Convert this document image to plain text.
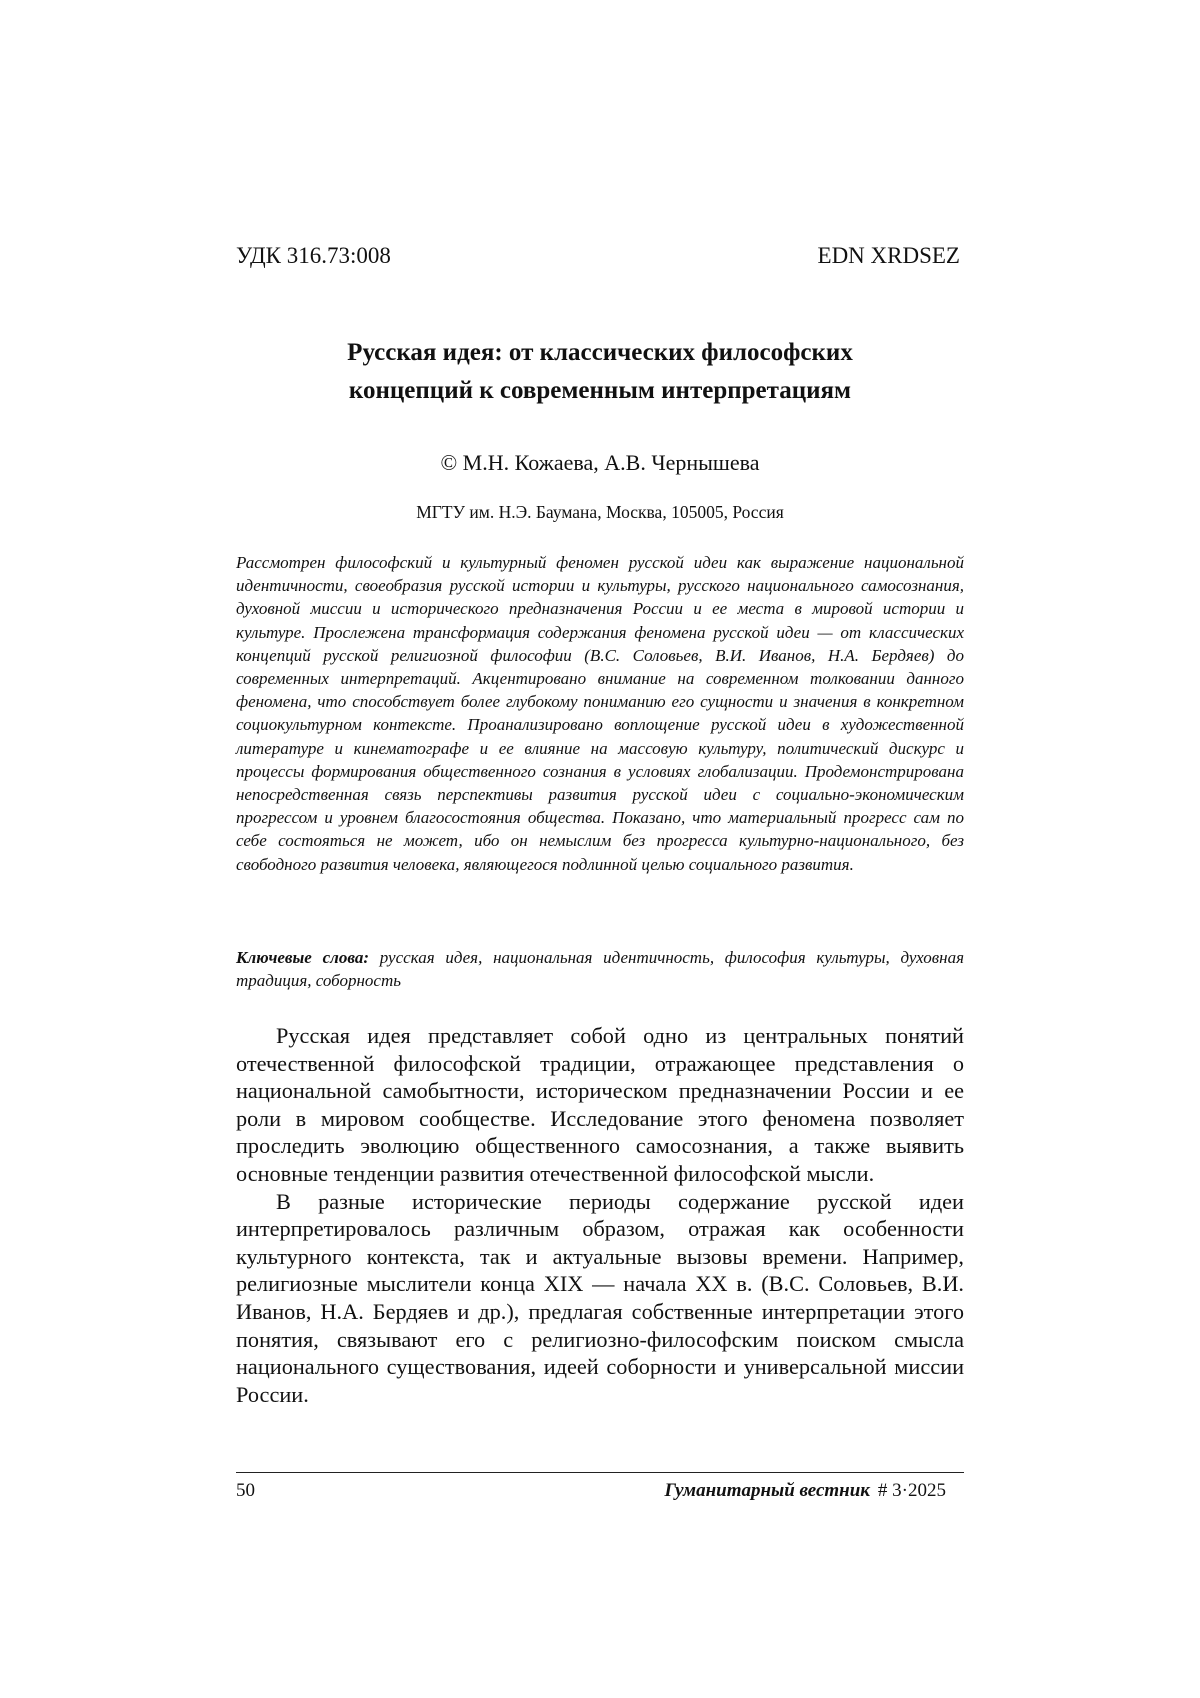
УДК 316.73:008	EDN XRDSEZ
Русская идея: от классических философских
концепций к современным интерпретациям
© М.Н. Кожаева, А.В. Чернышева
МГТУ им. Н.Э. Баумана, Москва, 105005, Россия

Рассмотрен философский и культурный феномен русской идеи как выражение национальной идентичности, своеобразия русской истории и культуры, русского национального самосознания, духовной миссии и исторического предназначения России и ее места в мировой истории и культуре. Прослежена трансформация содержания феномена русской идеи — от классических концепций русской религиозной философии (В.С. Соловьев, В.И. Иванов, Н.А. Бердяев) до современных интерпретаций. Акцентировано внимание на современном толковании данного феномена, что способствует более глубокому пониманию его сущности и значения в конкретном социокультурном контексте. Проанализировано воплощение русской идеи в художественной литературе и кинематографе и ее влияние на массовую культуру, политический дискурс и процессы формирования общественного сознания в условиях глобализации. Продемонстрирована непосредственная связь перспективы развития русской идеи с социально-экономическим прогрессом и уровнем благосостояния общества. Показано, что материальный прогресс сам по себе состояться не может, ибо он немыслим без прогресса культурно-национального, без свободного развития человека, являющегося подлинной целью социального развития.

Ключевые слова: русская идея, национальная идентичность, философия культуры, духовная традиция, соборность

Русская идея представляет собой одно из центральных понятий отечественной философской традиции, отражающее представления о национальной самобытности, историческом предназначении России и ее роли в мировом сообществе. Исследование этого феномена позволяет проследить эволюцию общественного самосознания, а также выявить основные тенденции развития отечественной философской мысли.

В разные исторические периоды содержание русской идеи интерпретировалось различным образом, отражая как особенности культурного контекста, так и актуальные вызовы времени. Например, религиозные мыслители конца XIX — начала XX в. (В.С. Соловьев, В.И. Иванов, Н.А. Бердяев и др.), предлагая собственные интерпретации этого понятия, связывают его с религиозно-философским поиском смысла национального существования, идеей соборности и универсальной миссии России.

50	Гуманитарный вестник # 3·2025
